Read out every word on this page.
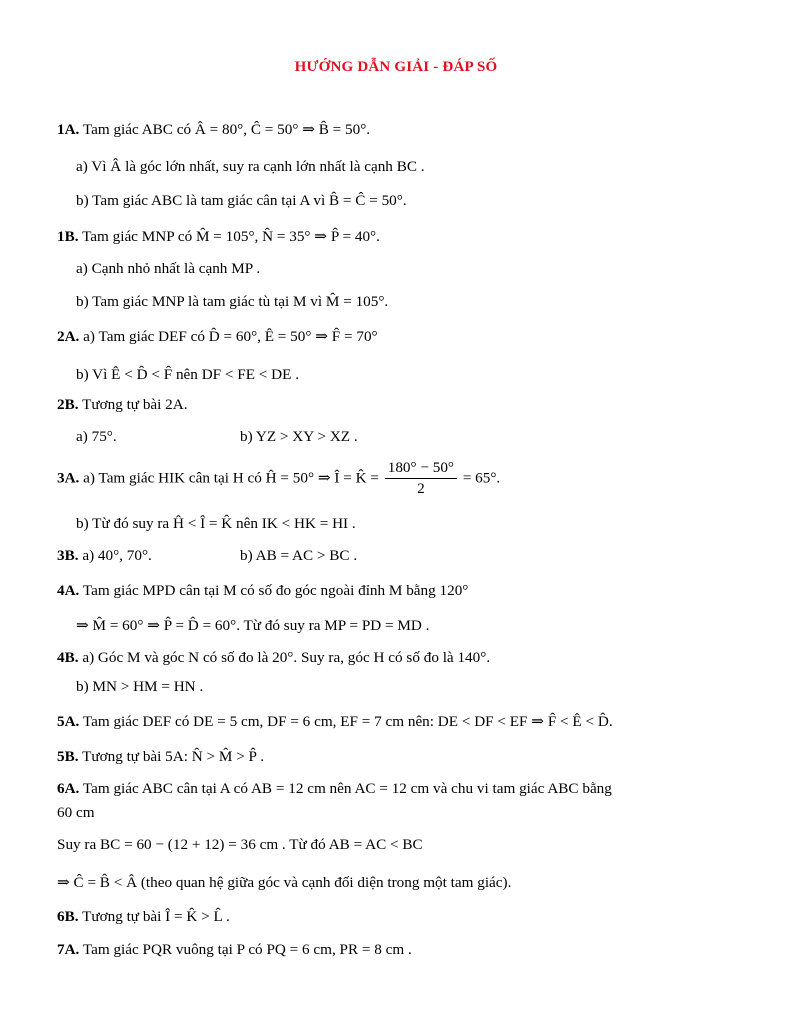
HƯỚNG DẪN GIẢI - ĐÁP SỐ
1A. Tam giác ABC có Â = 80°, Ĉ = 50° ⇒ B̂ = 50°.
a) Vì Â là góc lớn nhất, suy ra cạnh lớn nhất là cạnh BC .
b) Tam giác ABC là tam giác cân tại A vì B̂ = Ĉ = 50°.
1B. Tam giác MNP có M̂ = 105°, N̂ = 35° ⇒ P̂ = 40°.
a) Cạnh nhỏ nhất là cạnh MP .
b) Tam giác MNP là tam giác tù tại M vì M̂ = 105°.
2A. a) Tam giác DEF có D̂ = 60°, Ê = 50° ⇒ F̂ = 70°
b) Vì Ê < D̂ < F̂ nên DF < FE < DE .
2B. Tương tự bài 2A.
a) 75°.	b) YZ > XY > XZ .
3A. a) Tam giác HIK cân tại H có Ĥ = 50° ⇒ Î = K̂ = $\frac{180^\circ - 50^\circ}{2} = 65^\circ$.
b) Từ đó suy ra Ĥ < Î = K̂ nên IK < HK = HI .
3B. a) 40°, 70°.	b) AB = AC > BC .
4A. Tam giác MPD cân tại M có số đo góc ngoài đỉnh M bằng 120°
⇒ M̂ = 60° ⇒ P̂ = D̂ = 60°. Từ đó suy ra MP = PD = MD .
4B. a) Góc M và góc N có số đo là 20°. Suy ra, góc H có số đo là 140°.
b) MN > HM = HN .
5A. Tam giác DEF có DE = 5 cm, DF = 6 cm, EF = 7 cm nên: DE < DF < EF ⇒ F̂ < Ê < D̂.
5B. Tương tự bài 5A: N̂ > M̂ > P̂ .
6A. Tam giác ABC cân tại A có AB = 12 cm nên AC = 12 cm và chu vi tam giác ABC bằng
60 cm
Suy ra BC = 60 − (12 + 12) = 36 cm . Từ đó AB = AC < BC
⇒ Ĉ = B̂ < Â (theo quan hệ giữa góc và cạnh đối diện trong một tam giác).
6B. Tương tự bài Î = K̂ > L̂ .
7A. Tam giác PQR vuông tại P có PQ = 6 cm, PR = 8 cm .
